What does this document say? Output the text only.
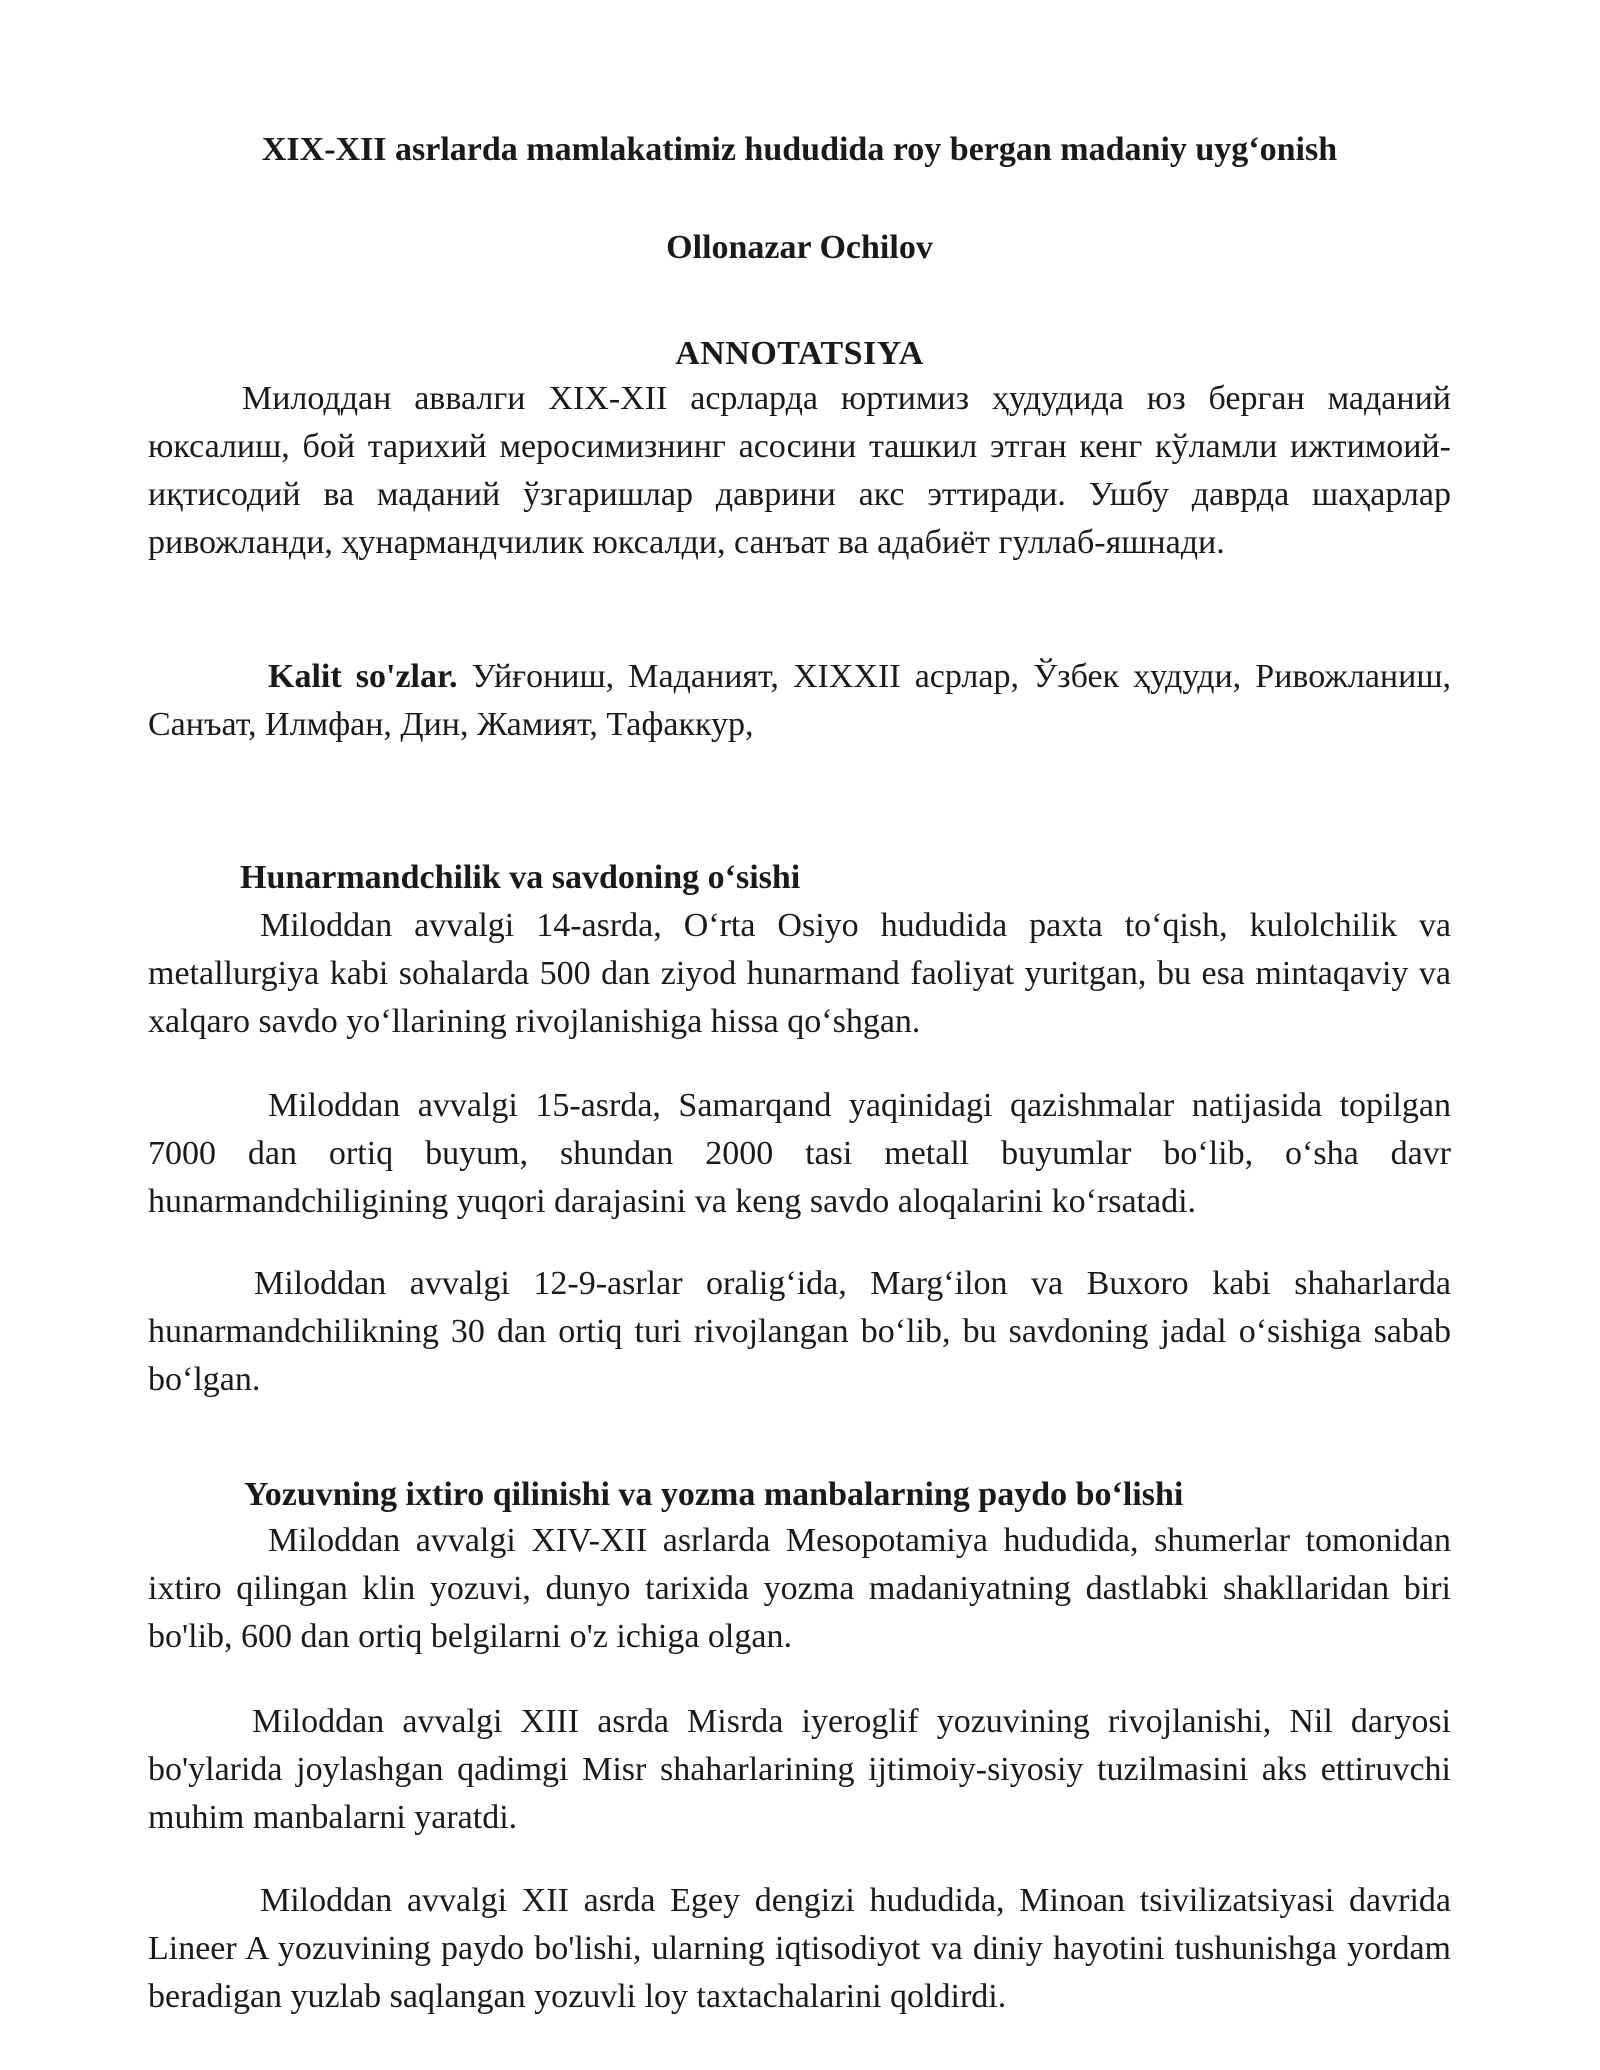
XIX-XII asrlarda mamlakatimiz hududida roy bergan madaniy uyg‘onish
Ollonazar Ochilov
ANNOTATSIYA

Милоддан аввалги XIX-XII асрларда юртимиз ҳудудида юз берган маданий юксалиш, бой тарихий меросимизнинг асосини ташкил этган кенг кўламли ижтимоий-иқтисодий ва маданий ўзгаришлар даврини акс эттиради. Ушбу даврда шаҳарлар ривожланди, ҳунармандчилик юксалди, санъат ва адабиёт гуллаб-яшнади.

Kalit so'zlar. Уйғониш, Маданият, XIXXII асрлар, Ўзбек ҳудуди, Ривожланиш, Санъат, Илмфан, Дин, Жамият, Тафаккур,

Hunarmandchilik va savdoning o‘sishi

Miloddan avvalgi 14-asrda, O‘rta Osiyo hududida paxta to‘qish, kulolchilik va metallurgiya kabi sohalarda 500 dan ziyod hunarmand faoliyat yuritgan, bu esa mintaqaviy va xalqaro savdo yo‘llarining rivojlanishiga hissa qo‘shgan.

Miloddan avvalgi 15-asrda, Samarqand yaqinidagi qazishmalar natijasida topilgan 7000 dan ortiq buyum, shundan 2000 tasi metall buyumlar bo‘lib, o‘sha davr hunarmandchiligining yuqori darajasini va keng savdo aloqalarini ko‘rsatadi.

Miloddan avvalgi 12-9-asrlar oralig‘ida, Marg‘ilon va Buxoro kabi shaharlarda hunarmandchilikning 30 dan ortiq turi rivojlangan bo‘lib, bu savdoning jadal o‘sishiga sabab bo‘lgan.

Yozuvning ixtiro qilinishi va yozma manbalarning paydo bo‘lishi

Miloddan avvalgi XIV-XII asrlarda Mesopotamiya hududida, shumerlar tomonidan ixtiro qilingan klin yozuvi, dunyo tarixida yozma madaniyatning dastlabki shakllaridan biri bo'lib, 600 dan ortiq belgilarni o'z ichiga olgan.

Miloddan avvalgi XIII asrda Misrda iyeroglif yozuvining rivojlanishi, Nil daryosi bo'ylarida joylashgan qadimgi Misr shaharlarining ijtimoiy-siyosiy tuzilmasini aks ettiruvchi muhim manbalarni yaratdi.

Miloddan avvalgi XII asrda Egey dengizi hududida, Minoan tsivilizatsiyasi davrida Lineer A yozuvining paydo bo'lishi, ularning iqtisodiyot va diniy hayotini tushunishga yordam beradigan yuzlab saqlangan yozuvli loy taxtachalarini qoldirdi.
